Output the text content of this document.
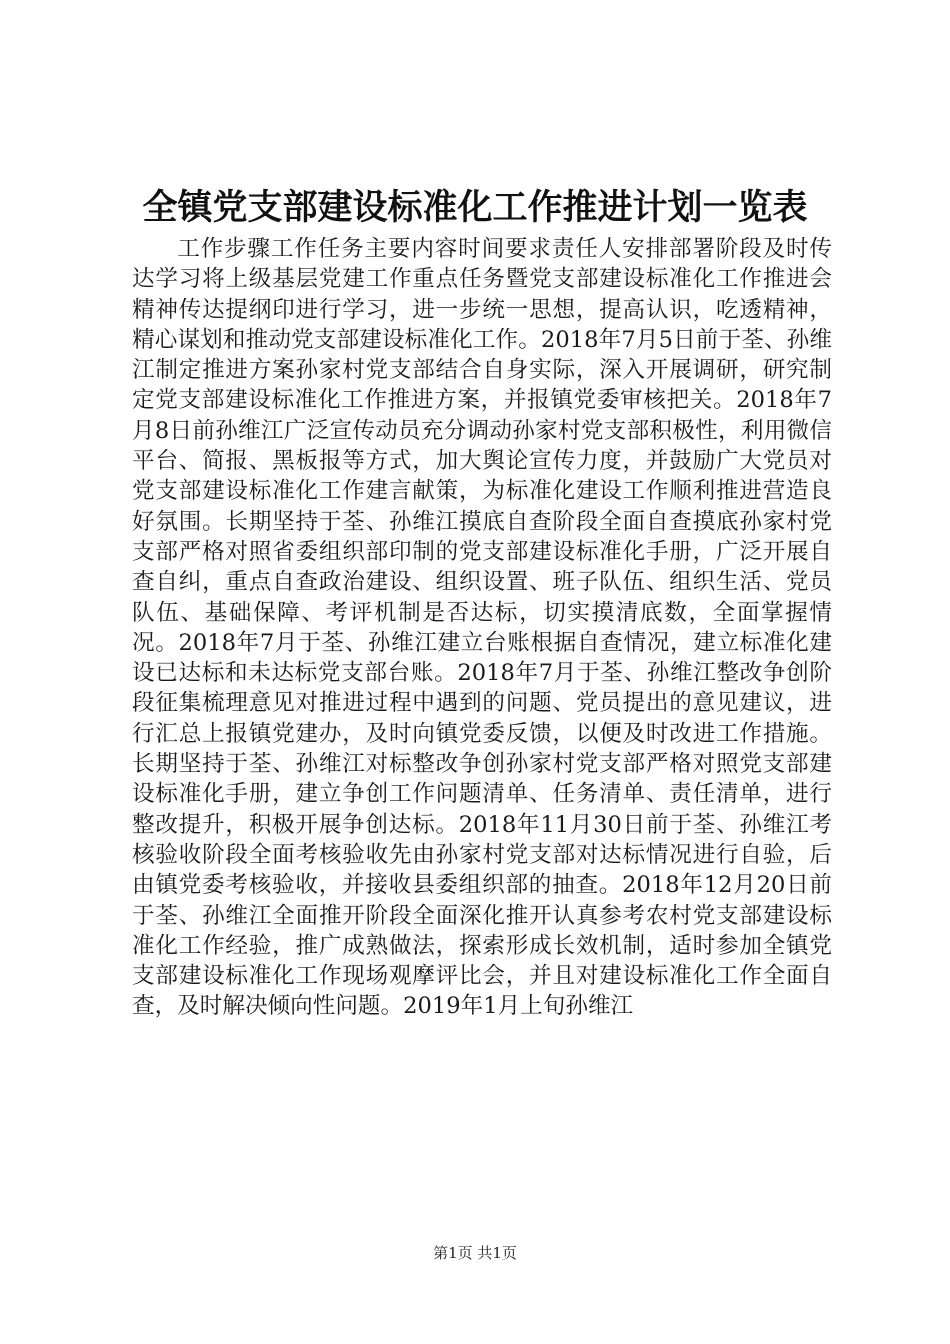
全镇党支部建设标准化工作推进计划一览表

工作步骤工作任务主要内容时间要求责任人安排部署阶段及时传达学习将上级基层党建工作重点任务暨党支部建设标准化工作推进会精神传达提纲印进行学习，进一步统一思想，提高认识，吃透精神，精心谋划和推动党支部建设标准化工作。2018年7月5日前于荃、孙维江制定推进方案孙家村党支部结合自身实际，深入开展调研，研究制定党支部建设标准化工作推进方案，并报镇党委审核把关。2018年7月8日前孙维江广泛宣传动员充分调动孙家村党支部积极性，利用微信平台、简报、黑板报等方式，加大舆论宣传力度，并鼓励广大党员对党支部建设标准化工作建言献策，为标准化建设工作顺利推进营造良好氛围。长期坚持于荃、孙维江摸底自查阶段全面自查摸底孙家村党支部严格对照省委组织部印制的党支部建设标准化手册，广泛开展自查自纠，重点自查政治建设、组织设置、班子队伍、组织生活、党员队伍、基础保障、考评机制是否达标，切实摸清底数，全面掌握情况。2018年7月于荃、孙维江建立台账根据自查情况，建立标准化建设已达标和未达标党支部台账。2018年7月于荃、孙维江整改争创阶段征集梳理意见对推进过程中遇到的问题、党员提出的意见建议，进行汇总上报镇党建办，及时向镇党委反馈，以便及时改进工作措施。长期坚持于荃、孙维江对标整改争创孙家村党支部严格对照党支部建设标准化手册，建立争创工作问题清单、任务清单、责任清单，进行整改提升，积极开展争创达标。2018年11月30日前于荃、孙维江考核验收阶段全面考核验收先由孙家村党支部对达标情况进行自验，后由镇党委考核验收，并接收县委组织部的抽查。2018年12月20日前于荃、孙维江全面推开阶段全面深化推开认真参考农村党支部建设标准化工作经验，推广成熟做法，探索形成长效机制，适时参加全镇党支部建设标准化工作现场观摩评比会，并且对建设标准化工作全面自查，及时解决倾向性问题。2019年1月上旬孙维江

第1页 共1页
